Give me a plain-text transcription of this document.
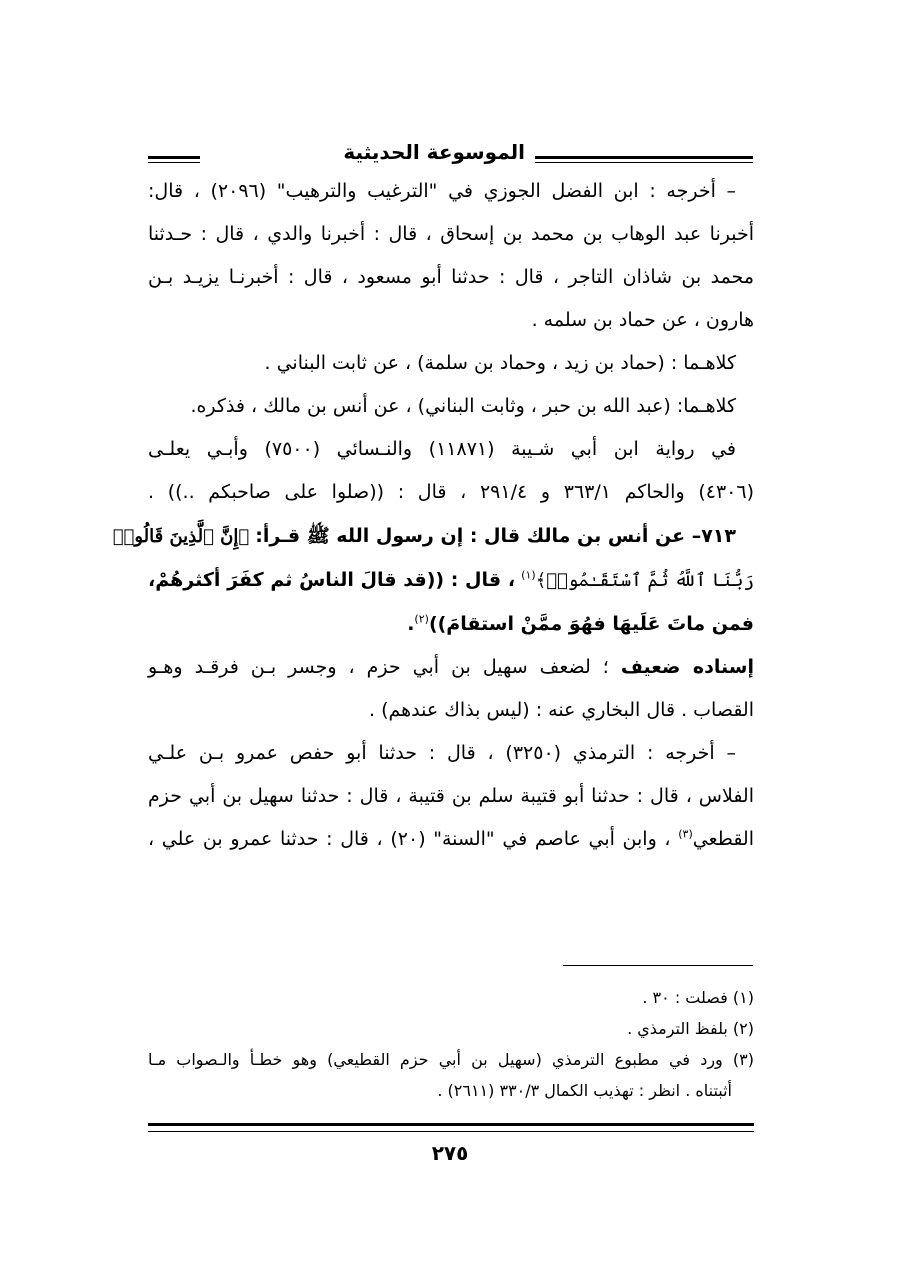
الموسوعة الحديثية
– أخرجه : ابن الفضل الجوزي في "الترغيب والترهيب" (٢٠٩٦) ، قال:
أخبرنا عبد الوهاب بن محمد بن إسحاق ، قال : أخبرنا والدي ، قال : حـدثنا
محمد بن شاذان التاجر ، قال : حدثنا أبو مسعود ، قال : أخبرنـا يزيـد بـن
هارون ، عن حماد بن سلمه .
كلاهـما : (حماد بن زيد ، وحماد بن سلمة) ، عن ثابت البناني .
كلاهـما: (عبد الله بن حبر ، وثابت البناني) ، عن أنس بن مالك ، فذكره.
في رواية ابن أبي شـيبة (١١٨٧١) والنـسائي (٧٥٠٠) وأبـي يعلـى
(٤٣٠٦) والحاكم ٣٦٣/١ و ٢٩١/٤ ، قال : ((صلوا على صاحبكم ..)) .
٧١٣– عن أنس بن مالك قال : إن رسول الله ﷺ قـرأ: ﴿إِنَّ ٱلَّذِينَ قَالُوا۟
رَبُّنَا ٱللَّهُ ثُمَّ ٱسْتَقَـٰمُوا۟﴾$^{(١)}$ ، قال : ((قد قالَ الناسُ ثم كفَرَ أكثرهُمْ،
فمن ماتَ عَلَيهَا فهُوَ ممَّنْ استقامَ))$^{(٢)}$.
إسناده ضعيف ؛ لضعف سهيل بن أبي حزم ، وجسر بـن فرقـد وهـو
القصاب . قال البخاري عنه : (ليس بذاك عندهم) .
– أخرجه : الترمذي (٣٢٥٠) ، قال : حدثنا أبو حفص عمرو بـن علـي
الفلاس ، قال : حدثنا أبو قتيبة سلم بن قتيبة ، قال : حدثنا سهيل بن أبي حزم
القطعي$^{(٣)}$ ، وابن أبي عاصم في "السنة" (٢٠) ، قال : حدثنا عمرو بن علي ،
(١) فصلت : ٣٠ .
(٢) بلفظ الترمذي .
(٣) ورد في مطبوع الترمذي (سهيل بن أبي حزم القطيعي) وهو خطـأ والـصواب مـا
أثبتناه . انظر : تهذيب الكمال ٣٣٠/٣ (٢٦١١) .
٢٧٥
